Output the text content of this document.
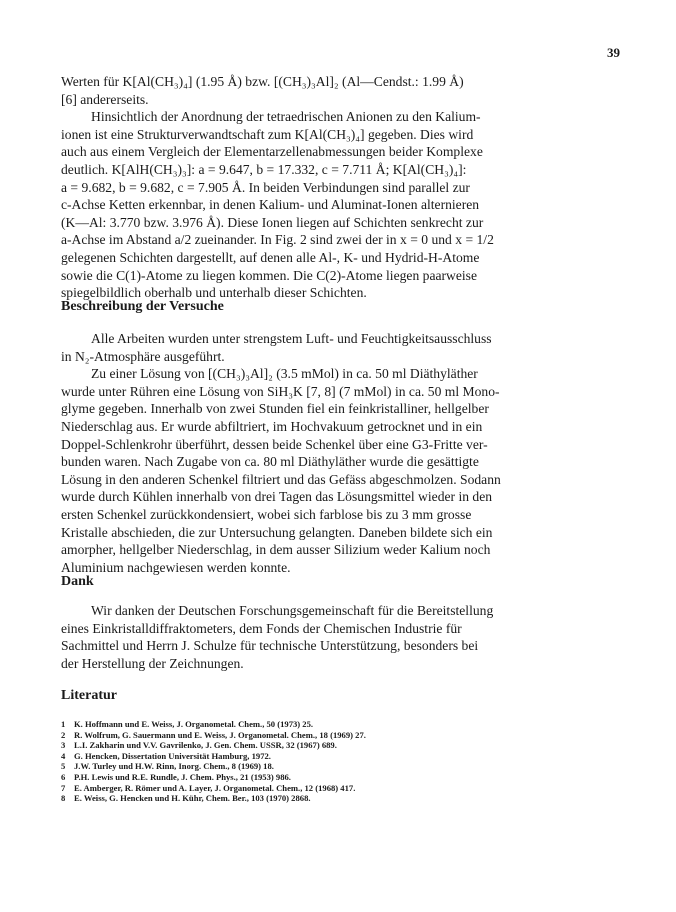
39
Werten für K[Al(CH₃)₄] (1.95 Å) bzw. [(CH₃)₃Al]₂ (Al—Cendst.: 1.99 Å)
[6] andererseits.
Hinsichtlich der Anordnung der tetraedrischen Anionen zu den Kalium-
ionen ist eine Strukturverwandtschaft zum K[Al(CH₃)₄] gegeben. Dies wird
auch aus einem Vergleich der Elementarzellenabmessungen beider Komplexe
deutlich. K[AlH(CH₃)₃]: a = 9.647, b = 17.332, c = 7.711 Å; K[Al(CH₃)₄]:
a = 9.682, b = 9.682, c = 7.905 Å. In beiden Verbindungen sind parallel zur
c-Achse Ketten erkennbar, in denen Kalium- und Aluminat-Ionen alternieren
(K—Al: 3.770 bzw. 3.976 Å). Diese Ionen liegen auf Schichten senkrecht zur
a-Achse im Abstand a/2 zueinander. In Fig. 2 sind zwei der in x = 0 und x = 1/2
gelegenen Schichten dargestellt, auf denen alle Al-, K- und Hydrid-H-Atome
sowie die C(1)-Atome zu liegen kommen. Die C(2)-Atome liegen paarweise
spiegelbildlich oberhalb und unterhalb dieser Schichten.
Beschreibung der Versuche
Alle Arbeiten wurden unter strengstem Luft- und Feuchtigkeitsausschluss
in N₂-Atmosphäre ausgeführt.
Zu einer Lösung von [(CH₃)₃Al]₂ (3.5 mMol) in ca. 50 ml Diäthyläther
wurde unter Rühren eine Lösung von SiH₃K [7, 8] (7 mMol) in ca. 50 ml Mono-
glyme gegeben. Innerhalb von zwei Stunden fiel ein feinkristalliner, hellgelber
Niederschlag aus. Er wurde abfiltriert, im Hochvakuum getrocknet und in ein
Doppel-Schlenkrohr überführt, dessen beide Schenkel über eine G3-Fritte ver-
bunden waren. Nach Zugabe von ca. 80 ml Diäthyläther wurde die gesättigte
Lösung in den anderen Schenkel filtriert und das Gefäss abgeschmolzen. Sodann
wurde durch Kühlen innerhalb von drei Tagen das Lösungsmittel wieder in den
ersten Schenkel zurückkondensiert, wobei sich farblose bis zu 3 mm grosse
Kristalle abschieden, die zur Untersuchung gelangten. Daneben bildete sich ein
amorpher, hellgelber Niederschlag, in dem ausser Silizium weder Kalium noch
Aluminium nachgewiesen werden konnte.
Dank
Wir danken der Deutschen Forschungsgemeinschaft für die Bereitstellung
eines Einkristalldiffraktometers, dem Fonds der Chemischen Industrie für
Sachmittel und Herrn J. Schulze für technische Unterstützung, besonders bei
der Herstellung der Zeichnungen.
Literatur
1 K. Hoffmann und E. Weiss, J. Organometal. Chem., 50 (1973) 25.
2 R. Wolfrum, G. Sauermann und E. Weiss, J. Organometal. Chem., 18 (1969) 27.
3 L.I. Zakharin und V.V. Gavrilenko, J. Gen. Chem. USSR, 32 (1967) 689.
4 G. Hencken, Dissertation Universität Hamburg, 1972.
5 J.W. Turley und H.W. Rinn, Inorg. Chem., 8 (1969) 18.
6 P.H. Lewis und R.E. Rundle, J. Chem. Phys., 21 (1953) 986.
7 E. Amberger, R. Römer und A. Layer, J. Organometal. Chem., 12 (1968) 417.
8 E. Weiss, G. Hencken und H. Kühr, Chem. Ber., 103 (1970) 2868.
